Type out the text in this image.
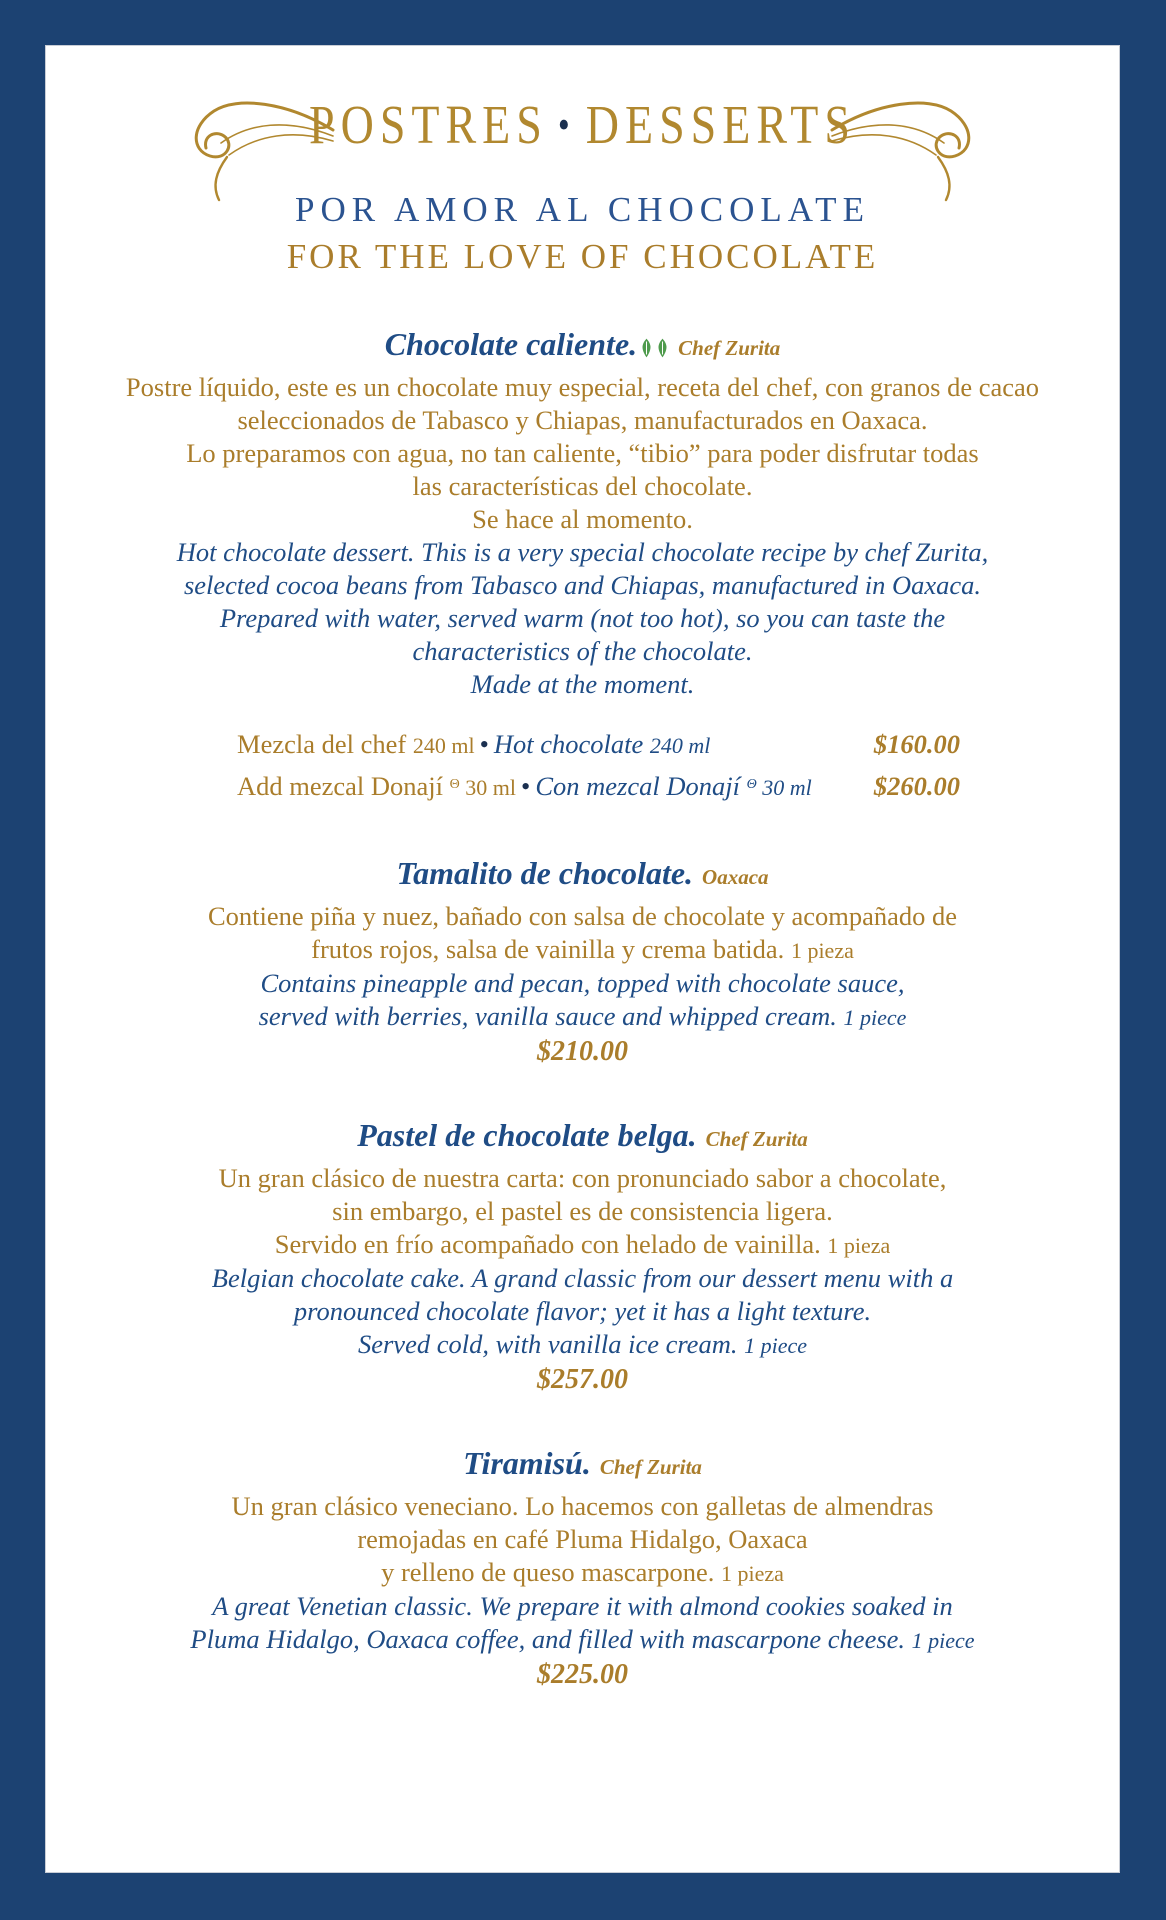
POSTRES • DESSERTS
POR AMOR AL CHOCOLATE
FOR THE LOVE OF CHOCOLATE
Chocolate caliente. Chef Zurita
Postre líquido, este es un chocolate muy especial, receta del chef, con granos de cacao
seleccionados de Tabasco y Chiapas, manufacturados en Oaxaca.
Lo preparamos con agua, no tan caliente, “tibio” para poder disfrutar todas
las características del chocolate.
Se hace al momento.
Hot chocolate dessert. This is a very special chocolate recipe by chef Zurita,
selected cocoa beans from Tabasco and Chiapas, manufactured in Oaxaca.
Prepared with water, served warm (not too hot), so you can taste the
characteristics of the chocolate.
Made at the moment.
Mezcla del chef 240 ml • Hot chocolate 240 ml	$160.00
Add mezcal Donají $^\Theta$ 30 ml • Con mezcal Donají $^\Theta$ 30 ml $260.00
Tamalito de chocolate. Oaxaca
Contiene piña y nuez, bañado con salsa de chocolate y acompañado de
frutos rojos, salsa de vainilla y crema batida. 1 pieza
Contains pineapple and pecan, topped with chocolate sauce,
served with berries, vanilla sauce and whipped cream. 1 piece
$210.00
Pastel de chocolate belga. Chef Zurita
Un gran clásico de nuestra carta: con pronunciado sabor a chocolate,
sin embargo, el pastel es de consistencia ligera.
Servido en frío acompañado con helado de vainilla. 1 pieza
Belgian chocolate cake. A grand classic from our dessert menu with a
pronounced chocolate flavor; yet it has a light texture.
Served cold, with vanilla ice cream. 1 piece
$257.00
Tiramisú. Chef Zurita
Un gran clásico veneciano. Lo hacemos con galletas de almendras
remojadas en café Pluma Hidalgo, Oaxaca
y relleno de queso mascarpone. 1 pieza
A great Venetian classic. We prepare it with almond cookies soaked in
Pluma Hidalgo, Oaxaca coffee, and filled with mascarpone cheese. 1 piece
$225.00
